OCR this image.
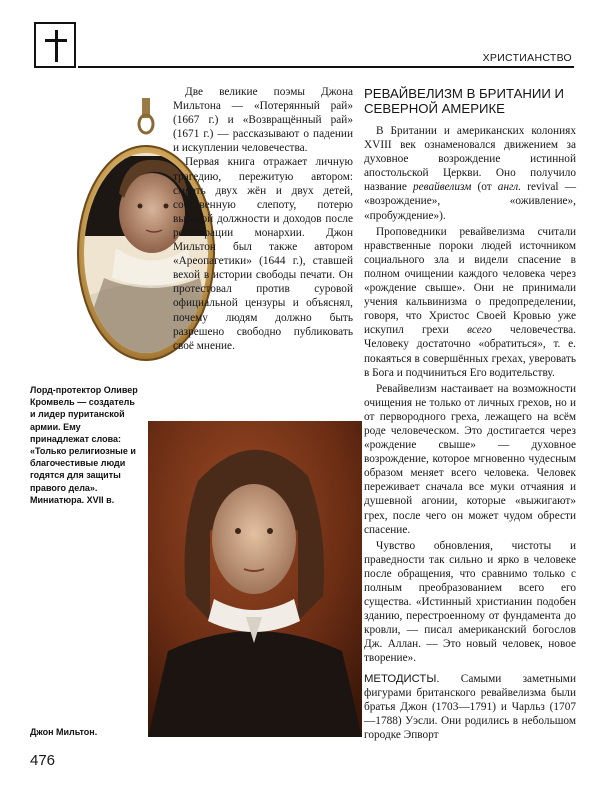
ХРИСТИАНСТВО
Лорд-протектор Оливер Кромвель — создатель и лидер пуританской армии. Ему принадлежат слова: «Только религиозные и благочестивые люди годятся для защиты правого дела». Миниатюра. XVII в.

Две великие поэмы Джона Мильтона — «Потерянный рай» (1667 г.) и «Возвращённый рай» (1671 г.) — рассказывают о падении и искуплении человечества.

Первая книга отражает личную трагедию, пережитую автором: смерть двух жён и двух детей, собственную слепоту, потерю высокой должности и доходов после реставрации монархии. Джон Мильтон был также автором «Ареопагетики» (1644 г.), ставшей вехой в истории свободы печати. Он протестовал против суровой официальной цензуры и объяснял, почему людям должно быть разрешено свободно публиковать своё мнение.

Джон Мильтон.
РЕВАЙВЕЛИЗМ В БРИТАНИИ И СЕВЕРНОЙ АМЕРИКЕ

В Британии и американских колониях XVIII век ознаменовался движением за духовное возрождение истинной апостольской Церкви. Оно получило название ревайвелизм (от англ. revival — «возрождение», «оживление», «пробуждение»).

Проповедники ревайвелизма считали нравственные пороки людей источником социального зла и видели спасение в полном очищении каждого человека через «рождение свыше». Они не принимали учения кальвинизма о предопределении, говоря, что Христос Своей Кровью уже искупил грехи всего человечества. Человеку достаточно «обратиться», т. е. покаяться в совершённых грехах, уверовать в Бога и подчиниться Его водительству.

Ревайвелизм настаивает на возможности очищения не только от личных грехов, но и от первородного греха, лежащего на всём роде человеческом. Это достигается через «рождение свыше» — духовное возрождение, которое мгновенно чудесным образом меняет всего человека. Человек переживает сначала все муки отчаяния и душевной агонии, которые «выжигают» грех, после чего он может чудом обрести спасение.

Чувство обновления, чистоты и праведности так сильно и ярко в человеке после обращения, что сравнимо только с полным преобразованием всего его существа. «Истинный христианин подобен зданию, перестроенному от фундамента до кровли, — писал американский богослов Дж. Аллан. — Это новый человек, новое творение».

МЕТОДИСТЫ. Самыми заметными фигурами британского ревайвелизма были братья Джон (1703—1791) и Чарльз (1707—1788) Уэсли. Они родились в небольшом городке Эпворт

476
